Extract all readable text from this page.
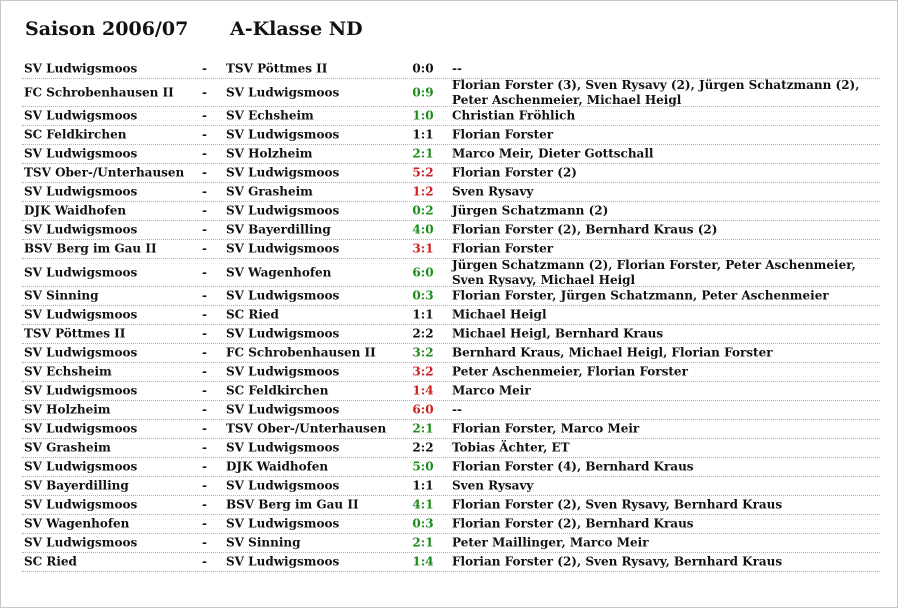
Saison 2006/07 A-Klasse ND
SV Ludwigsmoos	- TSV Pöttmes II	0:0	--
FC Schrobenhausen II - SV Ludwigsmoos	0:9
Florian Forster (3), Sven Rysavy (2), Jürgen Schatzmann (2), Peter Aschenmeier, Michael Heigl
SV Ludwigsmoos	- SV Echsheim	1:0	Christian Fröhlich
SC Feldkirchen	- SV Ludwigsmoos	1:1	Florian Forster
SV Ludwigsmoos	- SV Holzheim	2:1	Marco Meir, Dieter Gottschall
TSV Ober-/Unterhausen - SV Ludwigsmoos	5:2	Florian Forster (2)
SV Ludwigsmoos	- SV Grasheim	1:2	Sven Rysavy
DJK Waidhofen	- SV Ludwigsmoos	0:2	Jürgen Schatzmann (2)
SV Ludwigsmoos	- SV Bayerdilling	4:0	Florian Forster (2), Bernhard Kraus (2)
BSV Berg im Gau II	- SV Ludwigsmoos	3:1	Florian Forster
SV Ludwigsmoos	- SV Wagenhofen	6:0
Jürgen Schatzmann (2), Florian Forster, Peter Aschenmeier, Sven Rysavy, Michael Heigl
SV Sinning	- SV Ludwigsmoos	0:3	Florian Forster, Jürgen Schatzmann, Peter Aschenmeier
SV Ludwigsmoos	- SC Ried	1:1	Michael Heigl
TSV Pöttmes II	- SV Ludwigsmoos	2:2	Michael Heigl, Bernhard Kraus
SV Ludwigsmoos	- FC Schrobenhausen II	3:2	Bernhard Kraus, Michael Heigl, Florian Forster
SV Echsheim	- SV Ludwigsmoos	3:2	Peter Aschenmeier, Florian Forster
SV Ludwigsmoos	- SC Feldkirchen	1:4	Marco Meir
SV Holzheim	- SV Ludwigsmoos	6:0	--
SV Ludwigsmoos	- TSV Ober-/Unterhausen	2:1	Florian Forster, Marco Meir
SV Grasheim	- SV Ludwigsmoos	2:2	Tobias Ächter, ET
SV Ludwigsmoos	- DJK Waidhofen	5:0	Florian Forster (4), Bernhard Kraus
SV Bayerdilling	- SV Ludwigsmoos	1:1	Sven Rysavy
SV Ludwigsmoos	- BSV Berg im Gau II	4:1	Florian Forster (2), Sven Rysavy, Bernhard Kraus
SV Wagenhofen	- SV Ludwigsmoos	0:3	Florian Forster (2), Bernhard Kraus
SV Ludwigsmoos	- SV Sinning	2:1	Peter Maillinger, Marco Meir
SC Ried	- SV Ludwigsmoos	1:4	Florian Forster (2), Sven Rysavy, Bernhard Kraus
